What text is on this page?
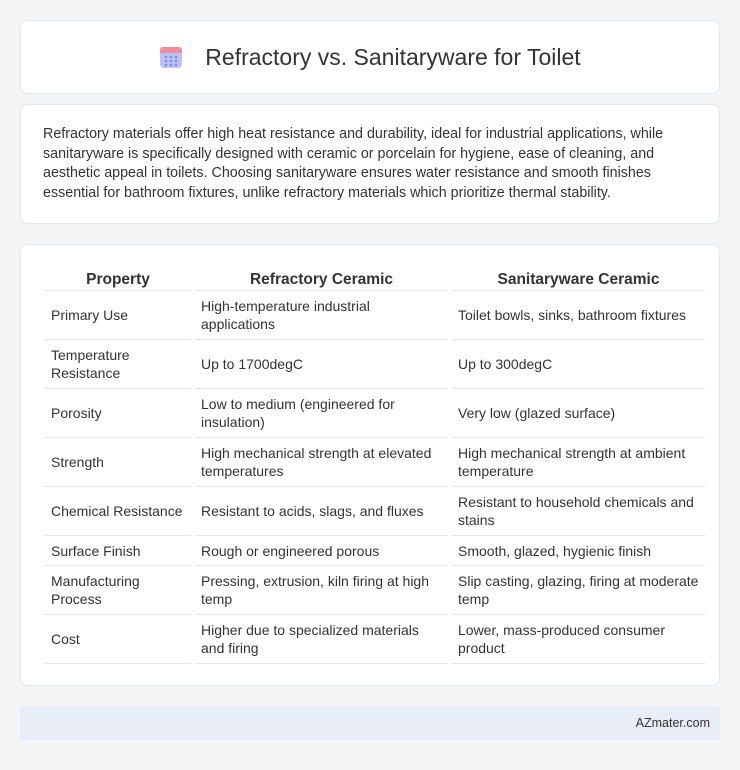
Refractory vs. Sanitaryware for Toilet

Refractory materials offer high heat resistance and durability, ideal for industrial applications, while sanitaryware is specifically designed with ceramic or porcelain for hygiene, ease of cleaning, and aesthetic appeal in toilets. Choosing sanitaryware ensures water resistance and smooth finishes essential for bathroom fixtures, unlike refractory materials which prioritize thermal stability.

Property	Refractory Ceramic	Sanitaryware Ceramic
Primary Use	High-temperature industrial applications	Toilet bowls, sinks, bathroom fixtures
Temperature Resistance	Up to 1700degC	Up to 300degC
Porosity	Low to medium (engineered for insulation)	Very low (glazed surface)
Strength	High mechanical strength at elevated temperatures	High mechanical strength at ambient temperature
Chemical Resistance	Resistant to acids, slags, and fluxes	Resistant to household chemicals and stains
Surface Finish	Rough or engineered porous	Smooth, glazed, hygienic finish
Manufacturing Process	Pressing, extrusion, kiln firing at high temp	Slip casting, glazing, firing at moderate temp
Cost	Higher due to specialized materials and firing	Lower, mass-produced consumer product
AZmater.com
